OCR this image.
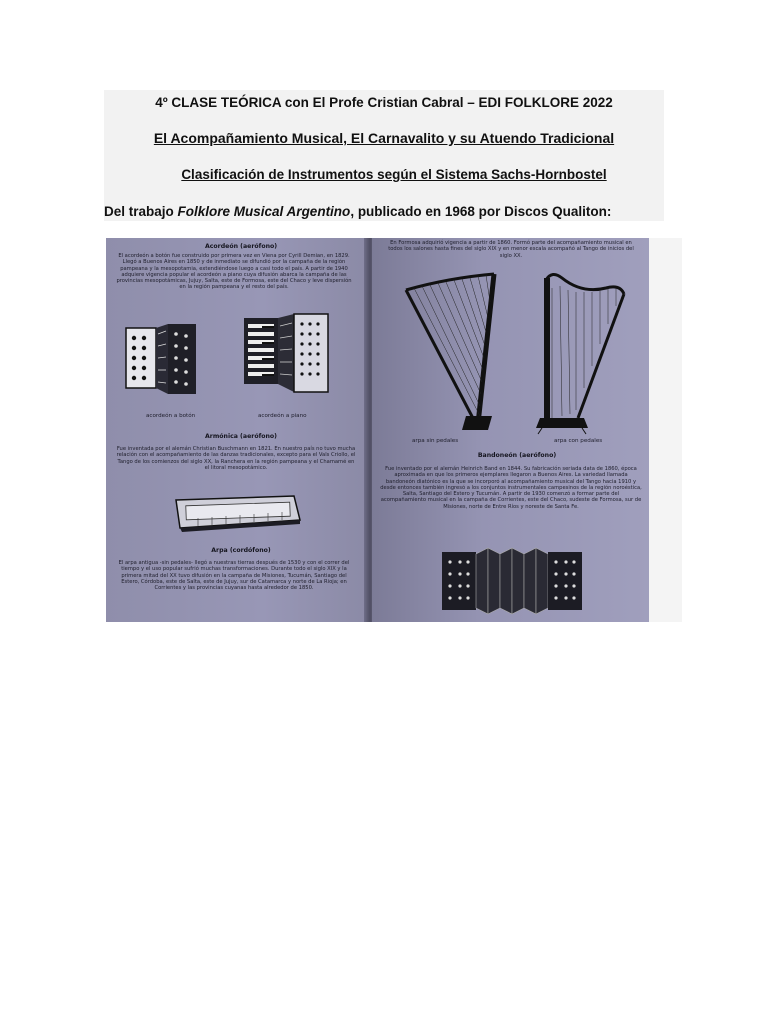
4º CLASE TEÓRICA con El Profe Cristian Cabral – EDI FOLKLORE 2022
El Acompañamiento Musical, El Carnavalito y su Atuendo Tradicional
Clasificación de Instrumentos según el Sistema Sachs-Hornbostel
Del trabajo Folklore Musical Argentino, publicado en 1968 por Discos Qualiton:
Acordeón (aerófono)
El acordeón a botón fue construido por primera vez en Viena por Cyrill Demian, en 1829. Llegó a Buenos Aires en 1850 y de inmediato se difundió por la campaña de la región pampeana y la mesopotamia, extendiéndose luego a casi todo el país. A partir de 1940 adquiere vigencia popular el acordeón a piano cuya difusión abarca la campaña de las provincias mesopotámicas, Jujuy, Salta, este de Formosa, este del Chaco y leve dispersión en la región pampeana y el resto del país.
acordeón a botón	acordeón a piano
Armónica (aerófono)
Fue inventada por el alemán Christian Buschmann en 1821. En nuestro país no tuvo mucha relación con el acompañamiento de las danzas tradicionales, excepto para el Vals Criollo, el Tango de los comienzos del siglo XX, la Ranchera en la región pampeana y el Chamamé en el litoral mesopotámico.
Arpa (cordófono)
El arpa antigua -sin pedales- llegó a nuestras tierras después de 1530 y con el correr del tiempo y el uso popular sufrió muchas transformaciones. Durante todo el siglo XIX y la primera mitad del XX tuvo difusión en la campaña de Misiones, Tucumán, Santiago del Estero, Córdoba, este de Salta, este de Jujuy, sur de Catamarca y norte de La Rioja; en Corrientes y las provincias cuyanas hasta alrededor de 1850.
En Formosa adquirió vigencia a partir de 1860. Formó parte del acompañamiento musical en todos los salones hasta fines del siglo XIX y en menor escala acompañó al Tango de inicios del siglo XX.
arpa sin pedales	arpa con pedales
Bandoneón (aerófono)
Fue inventado por el alemán Heinrich Band en 1844. Su fabricación seriada data de 1860, época aproximada en que los primeros ejemplares llegaron a Buenos Aires. La variedad llamada bandoneón diatónico es la que se incorporó al acompañamiento musical del Tango hacia 1910 y desde entonces también ingresó a los conjuntos instrumentales campesinos de la región noroéstica, Salta, Santiago del Estero y Tucumán. A partir de 1930 comenzó a formar parte del acompañamiento musical en la campaña de Corrientes, este del Chaco, sudeste de Formosa, sur de Misiones, norte de Entre Ríos y noreste de Santa Fe.
